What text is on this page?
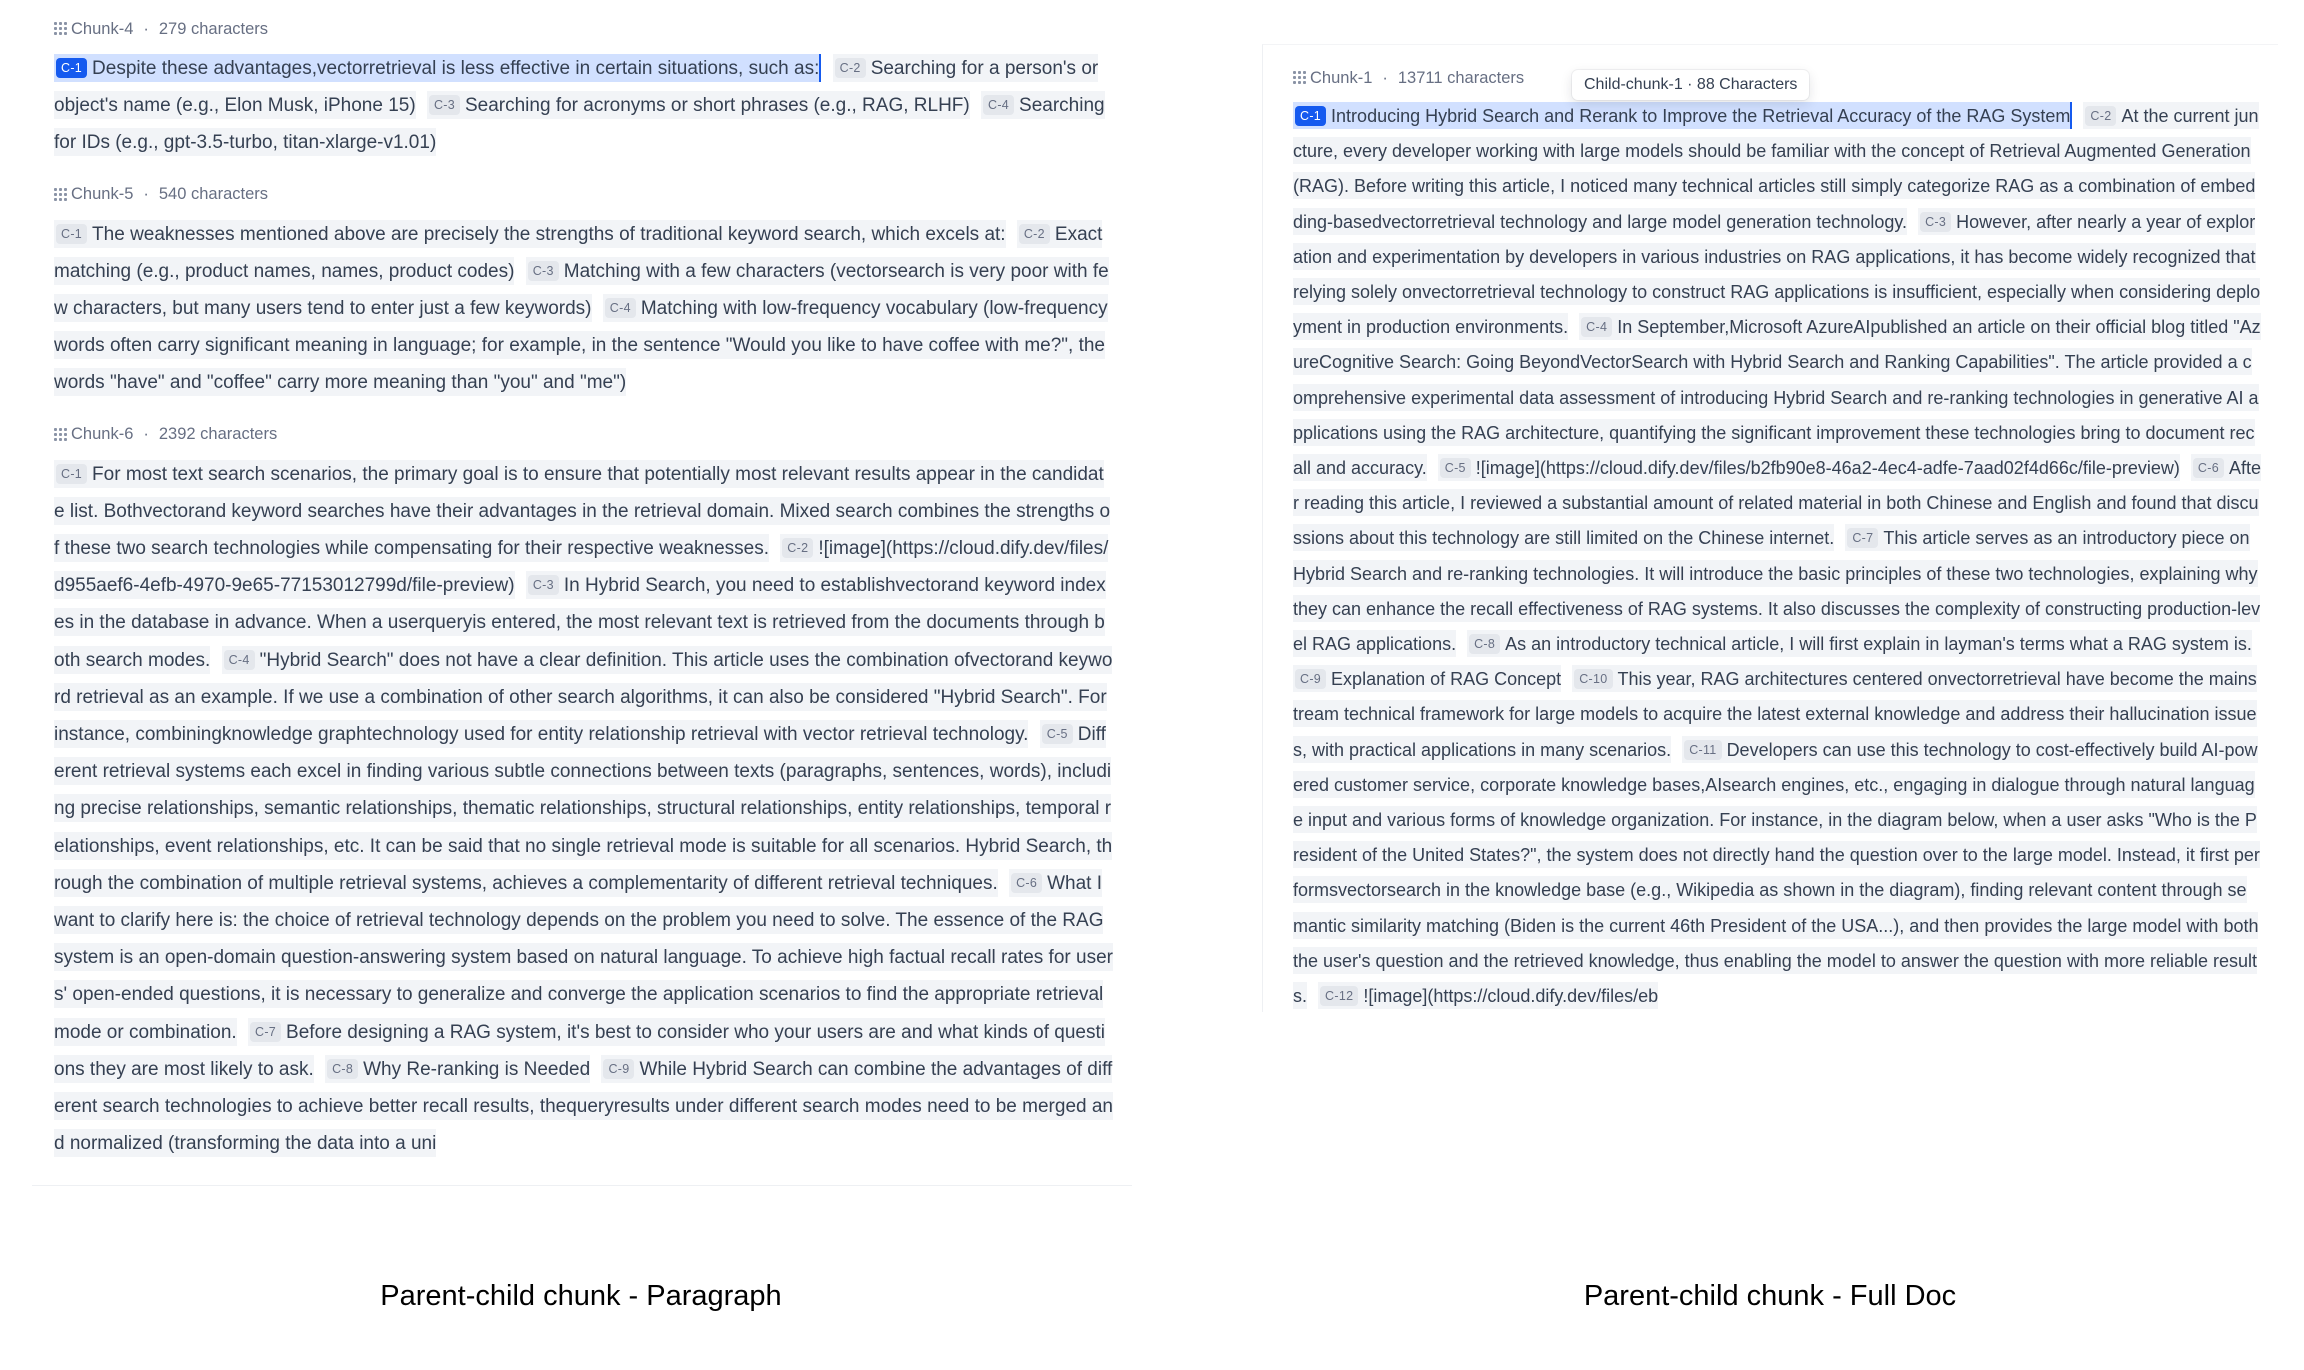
Chunk-4 · 279 characters
C-1 Despite these advantages,vectorretrieval is less effective in certain situations, such as: C-2 Searching for a person's or object's name (e.g., Elon Musk, iPhone 15) C-3 Searching for acronyms or short phrases (e.g., RAG, RLHF) C-4 Searching for IDs (e.g., gpt-3.5-turbo, titan-xlarge-v1.01)
Chunk-5 · 540 characters
C-1 The weaknesses mentioned above are precisely the strengths of traditional keyword search, which excels at: C-2 Exact matching (e.g., product names, names, product codes) C-3 Matching with a few characters (vectorsearch is very poor with few characters, but many users tend to enter just a few keywords) C-4 Matching with low-frequency vocabulary (low-frequency words often carry significant meaning in language; for example, in the sentence "Would you like to have coffee with me?", the words "have" and "coffee" carry more meaning than "you" and "me")
Chunk-6 · 2392 characters
C-1 For most text search scenarios, the primary goal is to ensure that potentially most relevant results appear in the candidate list. Bothvectorand keyword searches have their advantages in the retrieval domain. Mixed search combines the strengths of these two search technologies while compensating for their respective weaknesses. C-2 ![image](https://cloud.dify.dev/files/d955aef6-4efb-4970-9e65-77153012799d/file-preview) C-3 In Hybrid Search, you need to establishvectorand keyword indexes in the database in advance. When a userqueryis entered, the most relevant text is retrieved from the documents through both search modes. C-4 "Hybrid Search" does not have a clear definition. This article uses the combination ofvectorand keyword retrieval as an example. If we use a combination of other search algorithms, it can also be considered "Hybrid Search". For instance, combiningknowledge graphtechnology used for entity relationship retrieval with vector retrieval technology. C-5 Different retrieval systems each excel in finding various subtle connections between texts (paragraphs, sentences, words), including precise relationships, semantic relationships, thematic relationships, structural relationships, entity relationships, temporal relationships, event relationships, etc. It can be said that no single retrieval mode is suitable for all scenarios. Hybrid Search, through the combination of multiple retrieval systems, achieves a complementarity of different retrieval techniques. C-6 What I want to clarify here is: the choice of retrieval technology depends on the problem you need to solve. The essence of the RAG system is an open-domain question-answering system based on natural language. To achieve high factual recall rates for users' open-ended questions, it is necessary to generalize and converge the application scenarios to find the appropriate retrieval mode or combination. C-7 Before designing a RAG system, it's best to consider who your users are and what kinds of questions they are most likely to ask. C-8 Why Re-ranking is Needed C-9 While Hybrid Search can combine the advantages of different search technologies to achieve better recall results, thequeryresults under different search modes need to be merged and normalized (transforming the data into a uni
Chunk-1 · 13711 characters
C-1 Introducing Hybrid Search and Rerank to Improve the Retrieval Accuracy of the RAG System C-2 At the current juncture, every developer working with large models should be familiar with the concept of Retrieval Augmented Generation (RAG). Before writing this article, I noticed many technical articles still simply categorize RAG as a combination of embedding-basedvectorretrieval technology and large model generation technology. C-3 However, after nearly a year of exploration and experimentation by developers in various industries on RAG applications, it has become widely recognized that relying solely onvectorretrieval technology to construct RAG applications is insufficient, especially when considering deployment in production environments. C-4 In September,Microsoft AzureAIpublished an article on their official blog titled "AzureCognitive Search: Going BeyondVectorSearch with Hybrid Search and Ranking Capabilities". The article provided a comprehensive experimental data assessment of introducing Hybrid Search and re-ranking technologies in generative AI applications using the RAG architecture, quantifying the significant improvement these technologies bring to document recall and accuracy. C-5 ![image](https://cloud.dify.dev/files/b2fb90e8-46a2-4ec4-adfe-7aad02f4d66c/file-preview) C-6 After reading this article, I reviewed a substantial amount of related material in both Chinese and English and found that discussions about this technology are still limited on the Chinese internet. C-7 This article serves as an introductory piece on Hybrid Search and re-ranking technologies. It will introduce the basic principles of these two technologies, explaining why they can enhance the recall effectiveness of RAG systems. It also discusses the complexity of constructing production-level RAG applications. C-8 As an introductory technical article, I will first explain in layman's terms what a RAG system is. C-9 Explanation of RAG Concept C-10 This year, RAG architectures centered onvectorretrieval have become the mainstream technical framework for large models to acquire the latest external knowledge and address their hallucination issues, with practical applications in many scenarios. C-11 Developers can use this technology to cost-effectively build AI-powered customer service, corporate knowledge bases,AIsearch engines, etc., engaging in dialogue through natural language input and various forms of knowledge organization. For instance, in the diagram below, when a user asks "Who is the President of the United States?", the system does not directly hand the question over to the large model. Instead, it first performsvectorsearch in the knowledge base (e.g., Wikipedia as shown in the diagram), finding relevant content through semantic similarity matching (Biden is the current 46th President of the USA...), and then provides the large model with both the user's question and the retrieved knowledge, thus enabling the model to answer the question with more reliable results. C-12 ![image](https://cloud.dify.dev/files/eb
Child-chunk-1 · 88 Characters
Parent-child chunk - Paragraph	Parent-child chunk - Full Doc
